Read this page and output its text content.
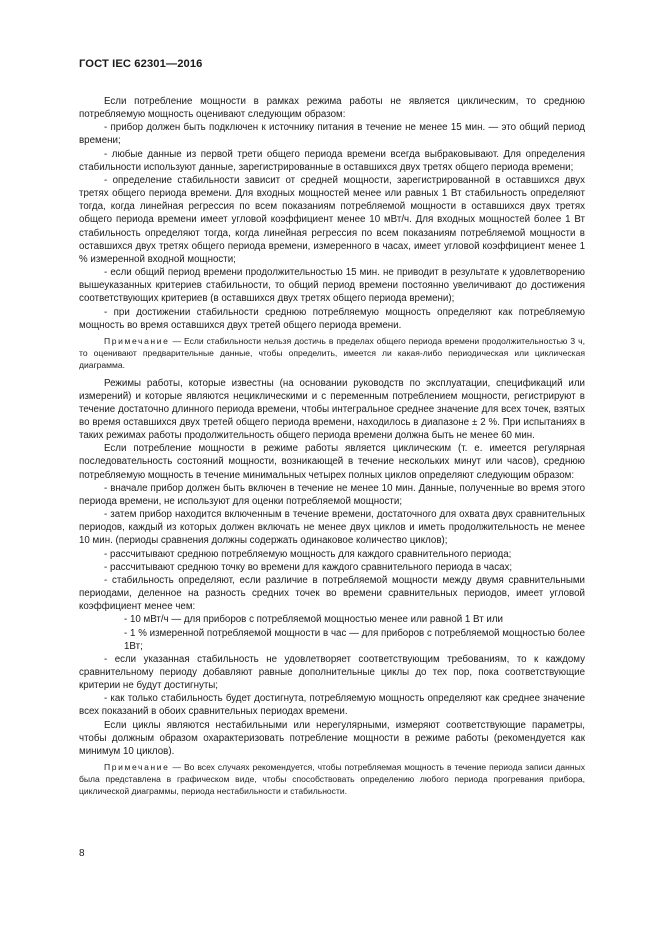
ГОСТ IEC 62301—2016

Если потребление мощности в рамках режима работы не является циклическим, то среднюю потребляемую мощность оценивают следующим образом:

- прибор должен быть подключен к источнику питания в течение не менее 15 мин. — это общий период времени;

- любые данные из первой трети общего периода времени всегда выбраковывают. Для определения стабильности используют данные, зарегистрированные в оставшихся двух третях общего периода времени;

- определение стабильности зависит от средней мощности, зарегистрированной в оставшихся двух третях общего периода времени. Для входных мощностей менее или равных 1 Вт стабильность определяют тогда, когда линейная регрессия по всем показаниям потребляемой мощности в оставшихся двух третях общего периода времени имеет угловой коэффициент менее 10 мВт/ч. Для входных мощностей более 1 Вт стабильность определяют тогда, когда линейная регрессия по всем показаниям потребляемой мощности в оставшихся двух третях общего периода времени, измеренного в часах, имеет угловой коэффициент менее 1 % измеренной входной мощности;

- если общий период времени продолжительностью 15 мин. не приводит в результате к удовлетворению вышеуказанных критериев стабильности, то общий период времени постоянно увеличивают до достижения соответствующих критериев (в оставшихся двух третях общего периода времени);

- при достижении стабильности среднюю потребляемую мощность определяют как потребляемую мощность во время оставшихся двух третей общего периода времени.

Примечание — Если стабильности нельзя достичь в пределах общего периода времени продолжительностью 3 ч, то оценивают предварительные данные, чтобы определить, имеется ли какая-либо периодическая или циклическая диаграмма.

Режимы работы, которые известны (на основании руководств по эксплуатации, спецификаций или измерений) и которые являются нециклическими и с переменным потреблением мощности, регистрируют в течение достаточно длинного периода времени, чтобы интегральное среднее значение для всех точек, взятых во время оставшихся двух третей общего периода времени, находилось в диапазоне ± 2 %. При испытаниях в таких режимах работы продолжительность общего периода времени должна быть не менее 60 мин.

Если потребление мощности в режиме работы является циклическим (т. е. имеется регулярная последовательность состояний мощности, возникающей в течение нескольких минут или часов), среднюю потребляемую мощность в течение минимальных четырех полных циклов определяют следующим образом:

- вначале прибор должен быть включен в течение не менее 10 мин. Данные, полученные во время этого периода времени, не используют для оценки потребляемой мощности;

- затем прибор находится включенным в течение времени, достаточного для охвата двух сравнительных периодов, каждый из которых должен включать не менее двух циклов и иметь продолжительность не менее 10 мин. (периоды сравнения должны содержать одинаковое количество циклов);

- рассчитывают среднюю потребляемую мощность для каждого сравнительного периода;

- рассчитывают среднюю точку во времени для каждого сравнительного периода в часах;

- стабильность определяют, если различие в потребляемой мощности между двумя сравнительными периодами, деленное на разность средних точек во времени сравнительных периодов, имеет угловой коэффициент менее чем:

- 10 мВт/ч — для приборов с потребляемой мощностью менее или равной 1 Вт или

- 1 % измеренной потребляемой мощности в час — для приборов с потребляемой мощностью более 1Вт;

- если указанная стабильность не удовлетворяет соответствующим требованиям, то к каждому сравнительному периоду добавляют равные дополнительные циклы до тех пор, пока соответствующие критерии не будут достигнуты;

- как только стабильность будет достигнута, потребляемую мощность определяют как среднее значение всех показаний в обоих сравнительных периодах времени.

Если циклы являются нестабильными или нерегулярными, измеряют соответствующие параметры, чтобы должным образом охарактеризовать потребление мощности в режиме работы (рекомендуется как минимум 10 циклов).

Примечание — Во всех случаях рекомендуется, чтобы потребляемая мощность в течение периода записи данных была представлена в графическом виде, чтобы способствовать определению любого периода прогревания прибора, циклической диаграммы, периода нестабильности и стабильности.

8
